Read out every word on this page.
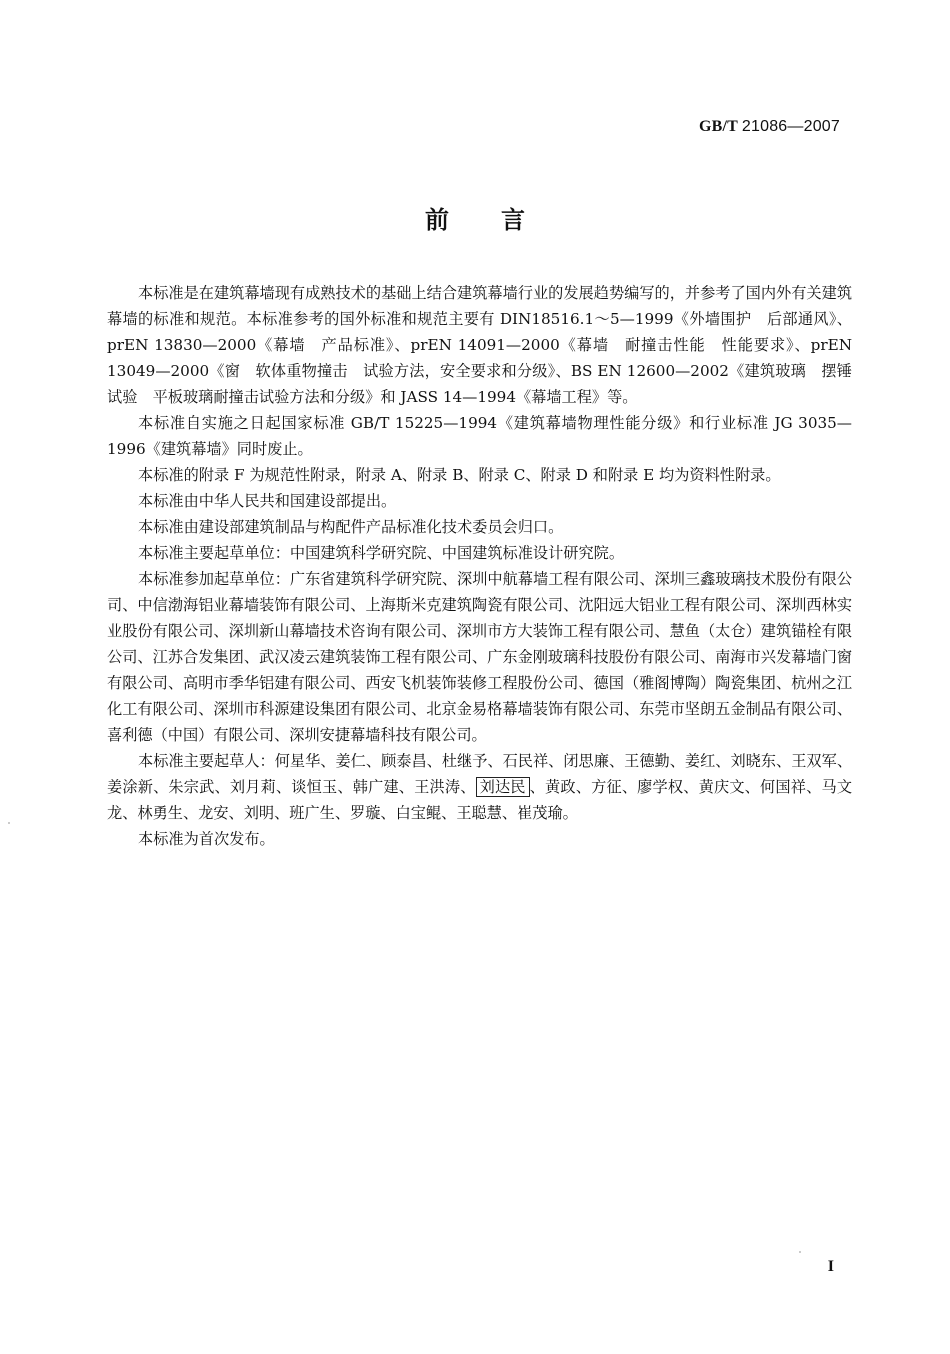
GB/T 21086—2007
前 言

本标准是在建筑幕墙现有成熟技术的基础上结合建筑幕墙行业的发展趋势编写的，并参考了国内外有关建筑幕墙的标准和规范。本标准参考的国外标准和规范主要有 DIN18516.1～5—1999《外墙围护　后部通风》、prEN 13830—2000《幕墙　产品标准》、prEN 14091—2000《幕墙　耐撞击性能　性能要求》、prEN 13049—2000《窗　软体重物撞击　试验方法，安全要求和分级》、BS EN 12600—2002《建筑玻璃　摆锤试验　平板玻璃耐撞击试验方法和分级》和 JASS 14—1994《幕墙工程》等。

本标准自实施之日起国家标准 GB/T 15225—1994《建筑幕墙物理性能分级》和行业标准 JG 3035—1996《建筑幕墙》同时废止。

本标准的附录 F 为规范性附录，附录 A、附录 B、附录 C、附录 D 和附录 E 均为资料性附录。

本标准由中华人民共和国建设部提出。

本标准由建设部建筑制品与构配件产品标准化技术委员会归口。

本标准主要起草单位：中国建筑科学研究院、中国建筑标准设计研究院。

本标准参加起草单位：广东省建筑科学研究院、深圳中航幕墙工程有限公司、深圳三鑫玻璃技术股份有限公司、中信渤海铝业幕墙装饰有限公司、上海斯米克建筑陶瓷有限公司、沈阳远大铝业工程有限公司、深圳西林实业股份有限公司、深圳新山幕墙技术咨询有限公司、深圳市方大装饰工程有限公司、慧鱼（太仓）建筑锚栓有限公司、江苏合发集团、武汉凌云建筑装饰工程有限公司、广东金刚玻璃科技股份有限公司、南海市兴发幕墙门窗有限公司、高明市季华铝建有限公司、西安飞机装饰装修工程股份公司、德国（雅阁博陶）陶瓷集团、杭州之江化工有限公司、深圳市科源建设集团有限公司、北京金易格幕墙装饰有限公司、东莞市坚朗五金制品有限公司、喜利德（中国）有限公司、深圳安捷幕墙科技有限公司。

本标准主要起草人：何星华、姜仁、顾泰昌、杜继予、石民祥、闭思廉、王德勤、姜红、刘晓东、王双军、姜涂新、朱宗武、刘月莉、谈恒玉、韩广建、王洪涛、 刘达民 、黄政、方征、廖学权、黄庆文、何国祥、马文龙、林勇生、龙安、刘明、班广生、罗璇、白宝鲲、王聪慧、崔茂瑜。

本标准为首次发布。

I
